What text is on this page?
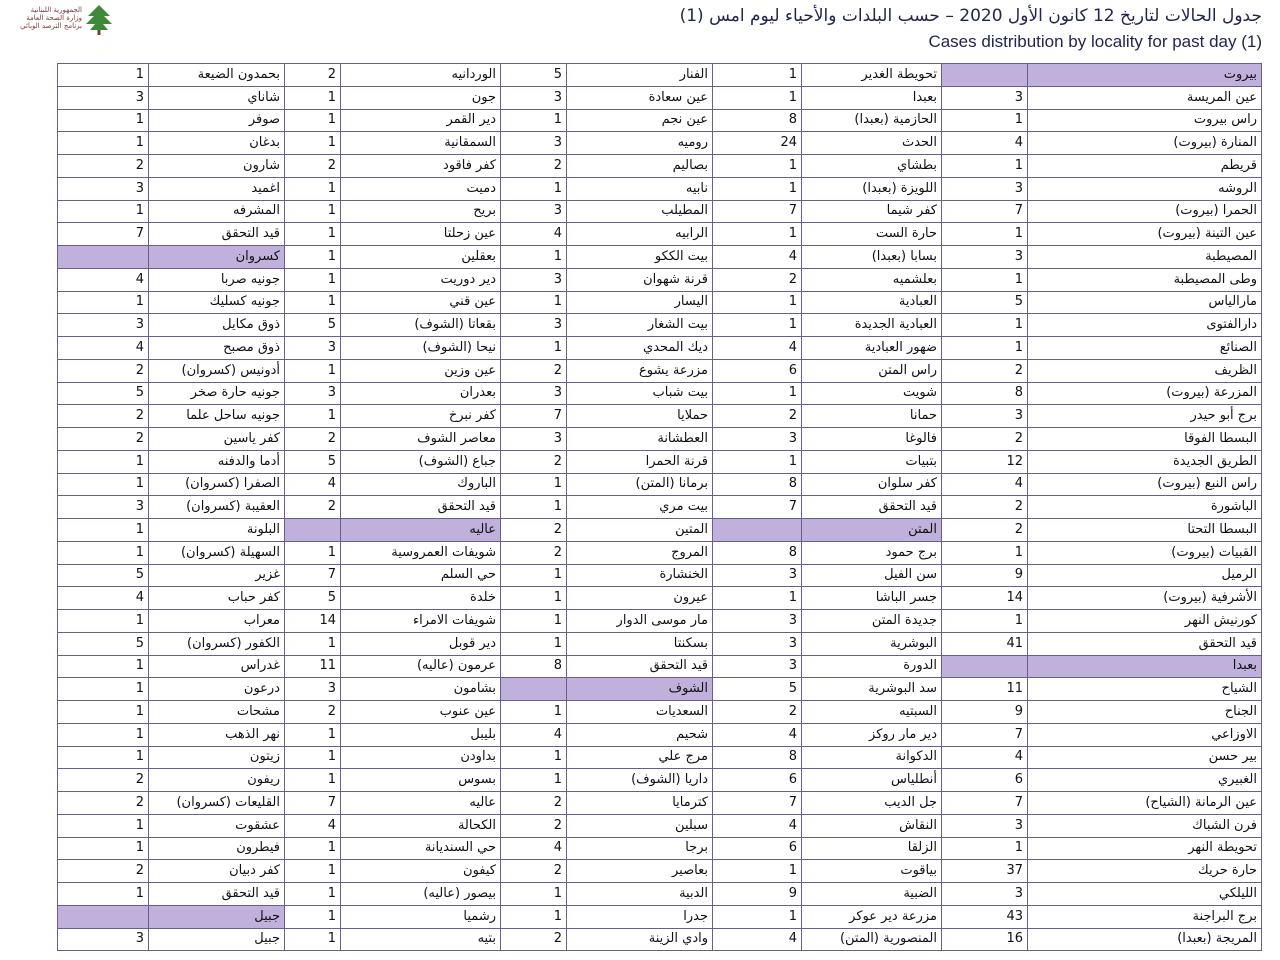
الجمهورية اللبنانية
وزارة الصحة العامة
برنامج الترصد الوبائي	جدول الحالات لتاريخ 12 كانون الأول 2020 – حسب البلدات والأحياء ليوم امس (1)
Cases distribution by locality for past day (1)
1	بحمدون الضيعة	2	الوردانيه	5	الفنار	1	تحويطة الغدير		بيروت
3	شاناي	1	جون	3	عين سعادة	1	بعبدا	3	عين المريسة
1	صوفر	1	دير القمر	1	عين نجم	8	الحازمية (بعبدا)	1	راس بيروت
1	بدغان	1	السمقانية	3	روميه	24	الحدث	4	المنارة (بيروت)
2	شارون	2	كفر فاقود	2	بصاليم	1	بطشاي	1	قريطم
3	اغميد	1	دميت	1	نابيه	1	اللويزة (بعبدا)	3	الروشه
1	المشرفه	1	بريح	3	المطيلب	7	كفر شيما	7	الحمرا (بيروت)
7	قيد التحقق	1	عين زحلتا	4	الرابيه	1	حارة الست	1	عين التينة (بيروت)
	كسروان	1	بعقلين	1	بيت الككو	4	بسابا (بعبدا)	3	المصيطبة
4	جونيه صربا	1	دير دوريت	3	قرنة شهوان	2	بعلشميه	1	وطى المصيطبة
1	جونيه كسليك	1	عين قني	1	اليسار	1	العبادية	5	مارالياس
3	ذوق مكايل	5	بقعاتا (الشوف)	3	بيت الشغار	1	العبادية الجديدة	1	دارالفتوى
4	ذوق مصبح	3	نيحا (الشوف)	1	ديك المحدي	4	ضهور العبادية	1	الصنائع
2	أدونيس (كسروان)	1	عين وزين	2	مزرعة يشوع	6	راس المتن	2	الظريف
5	جونيه حارة صخر	3	بعدران	3	بيت شباب	1	شويت	8	المزرعة (بيروت)
2	جونيه ساحل علما	1	كفر نبرخ	7	حملايا	2	حمانا	3	برج أبو حيدر
2	كفر ياسين	2	معاصر الشوف	3	العطشانة	3	فالوغا	2	البسطا الفوقا
1	أدما والدفنه	5	جباع (الشوف)	2	قرنة الحمرا	1	بتبيات	12	الطريق الجديدة
1	الصفرا (كسروان)	4	الباروك	1	برمانا (المتن)	8	كفر سلوان	4	راس النبع (بيروت)
3	العقيبة (كسروان)	2	قيد التحقق	1	بيت مري	7	قيد التحقق	2	الباشورة
1	البلونة		عاليه	2	المتين		المتن	2	البسطا التحتا
1	السهيلة (كسروان)	1	شويفات العمروسية	2	المروج	8	برج حمود	1	القبيات (بيروت)
5	غزير	7	حي السلم	1	الخنشارة	3	سن الفيل	9	الرميل
4	كفر حباب	5	خلدة	1	عيرون	1	جسر الباشا	14	الأشرفية (بيروت)
1	معراب	14	شويفات الامراء	1	مار موسى الدوار	3	جديدة المتن	1	كورنيش النهر
5	الكفور (كسروان)	1	دير قوبل	1	بسكنتا	3	البوشرية	41	قيد التحقق
1	غدراس	11	عرمون (عاليه)	8	قيد التحقق	3	الدورة		بعبدا
1	درعون	3	بشامون		الشوف	5	سد البوشرية	11	الشياح
1	مشحات	2	عين عنوب	1	السعديات	2	السبتيه	9	الجناح
1	نهر الذهب	1	بليبل	4	شحيم	4	دير مار روكز	7	الاوزاعي
1	زيتون	1	بداودن	1	مرج علي	8	الدكوانة	4	بير حسن
2	ريفون	1	بسوس	1	داريا (الشوف)	6	أنطلياس	6	الغبيري
2	القليعات (كسروان)	7	عاليه	2	كترمايا	7	جل الديب	7	عين الرمانة (الشياح)
1	عشقوت	4	الكحالة	2	سبلين	4	النقاش	3	فرن الشباك
1	فيطرون	1	حي السنديانة	4	برجا	6	الزلقا	1	تحويطة النهر
2	كفر دبيان	1	كيفون	2	بعاصير	1	بياقوت	37	حارة حريك
1	قيد التحقق	1	بيصور (عاليه)	1	الدبية	9	الضبية	3	الليلكي
	جبيل	1	رشميا	1	جدرا	1	مزرعة دير عوكر	43	برج البراجنة
3	جبيل	1	بتيه	2	وادي الزينة	4	المنصورية (المتن)	16	المريجة (بعبدا)
